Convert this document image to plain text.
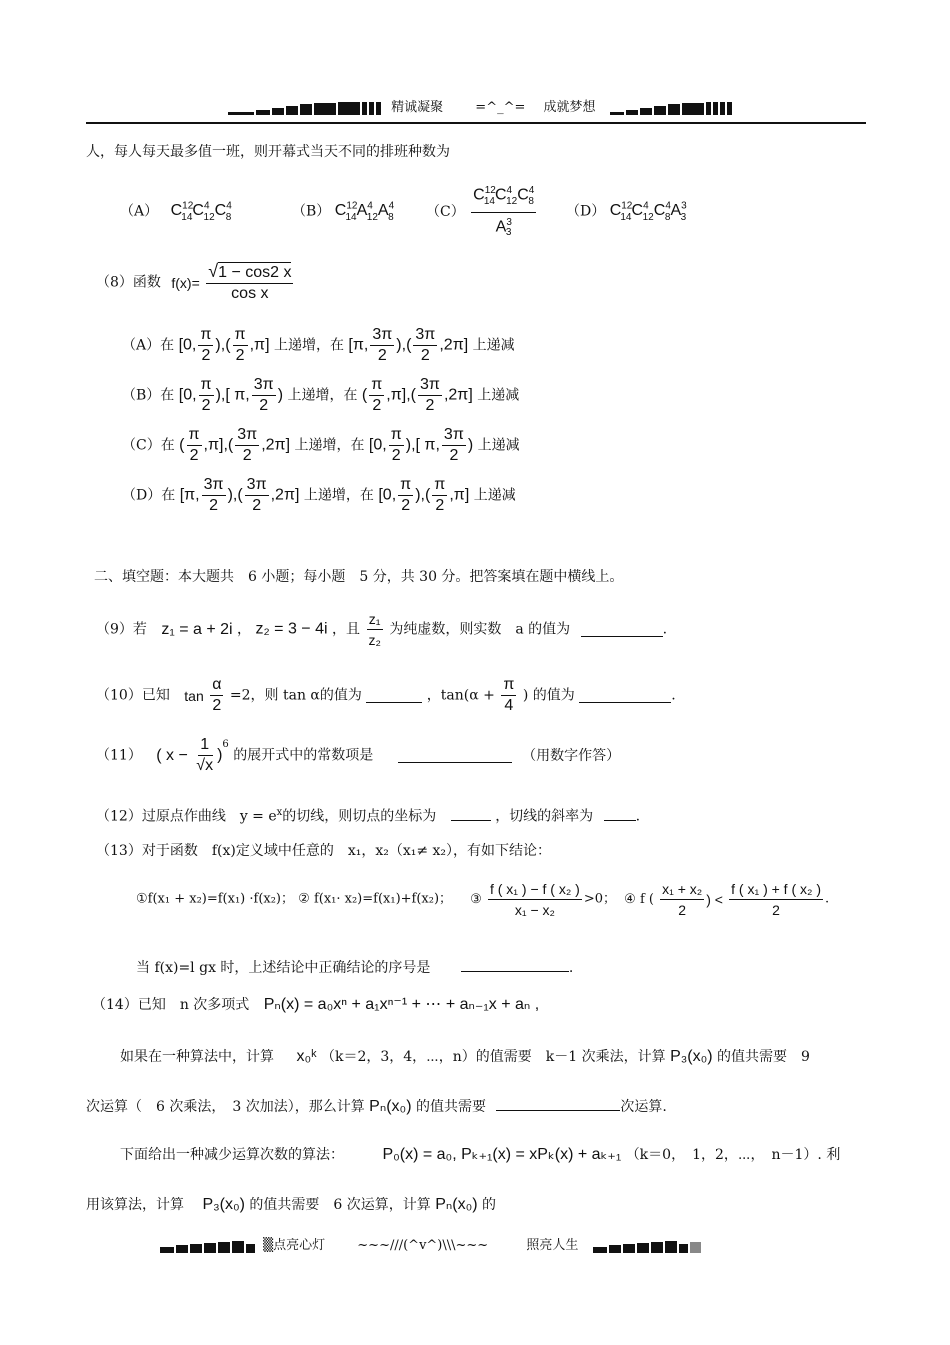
精诚凝聚 =^_^= 成就梦想
人，每人每天最多值一班，则开幕式当天不同的排班种数为
（A） $C^{12}_{14}C^4_{12}C^4_8$	（B） $C^{12}_{14}A^4_{12}A^4_8$ $(C) \frac{C^{12}_{14}C^4_{12}C^4_8}{A^3_3} (D)$ $C^{12}_{14}C^4_{12}C^4_8A^3_3$
（8）函数 $f(x)= \frac{√1 - \cos 2 x}{\text{cos x}}$
（A）在 [0, $\frac{\pi}{2}$ ),( $\frac{\pi}{2} ,\pi$] 上递增，在 [π, $\frac{3\pi}{2}$ ),( $\frac{3\pi}{2} ,2\pi$] 上递减
（B）在 [0, $\frac{\pi}{2}$ ),[ π, $\frac{3\pi}{2}$ ) 上递增，在 ( $\frac{\pi}{2} ,\pi],( \frac{3\pi}{2} ,2\pi]$ 上递减
（C）在 ( $\frac{\pi}{2} ,\pi],( \frac{3\pi}{2} ,2\pi]$ 上递增，在 [0, $\frac{\pi}{2}$ ),[ π, $\frac{3\pi}{2}$ ) 上递减
（D）在 [π, $\frac{3\pi}{2}$ ),( $\frac{3\pi}{2} ,2\pi$] 上递增，在 [0, $\frac{\pi}{2}$ ),( $\frac{\pi}{2} ,\pi$] 上递减
二、填空题：本大题共　6 小题；每小题　5 分，共 30 分。把答案填在题中横线上。
（9）若 z₁ = a + 2i ， z₂ = 3 − 4i ，且 $\frac{\text{z₁}}{\text{z₂}}$ 为纯虚数，则实数　a 的值为	.
（10）已知 $\tan \frac{\alpha}{2} =2$，则 tan α的值为	，$\tan(\alpha + \frac{\pi}{4}$ ) 的值为	.
（11） ( $x - \frac{1}{√x} )^6$ 的展开式中的常数项是	（用数字作答）
（12）过原点作曲线　$y = e^x$的切线，则切点的坐标为	，切线的斜率为	.
（13）对于函数　f(x)定义域中任意的　x₁，x₂（x₁≠ x₂），有如下结论：
①f(x₁ + x₂)=f(x₁) ·f(x₂)； ② f(x₁· x₂)=f(x₁)+f(x₂)； ③ $\frac{\text{f ( x₁ ) − f ( x₂ )}}{\text{x₁ − x₂}} >0$； ④ f ( $\frac{\text{x₁ + x₂}}{2}$ ) < $\frac{\text{f ( x₁ ) + f ( x₂ )}}{2}$ .
当 f(x)=l gx 时，上述结论中正确结论的序号是	.
（14）已知　n 次多项式 Pₙ(x) = a₀xⁿ + a₁xⁿ⁻¹ + ⋯ + aₙ₋₁x + aₙ ,
如果在一种算法中，计算 x₀ᵏ （k＝2，3，4，⋯，n）的值需要　k－1 次乘法，计算 P₃(x₀) 的值共需要　9
次运算（　6 次乘法，　3 次加法），那么计算 Pₙ(x₀) 的值共需要	次运算.
下面给出一种减少运算次数的算法： P₀(x) = a₀, Pₖ₊₁(x) = xPₖ(x) + aₖ₊₁ （k＝0，　1，2，⋯，　n－1）. 利
用该算法，计算 P₃(x₀) 的值共需要　6 次运算，计算 Pₙ(x₀) 的
▒点亮心灯 ~~~///(^v^)\\\~~~	照亮人生
